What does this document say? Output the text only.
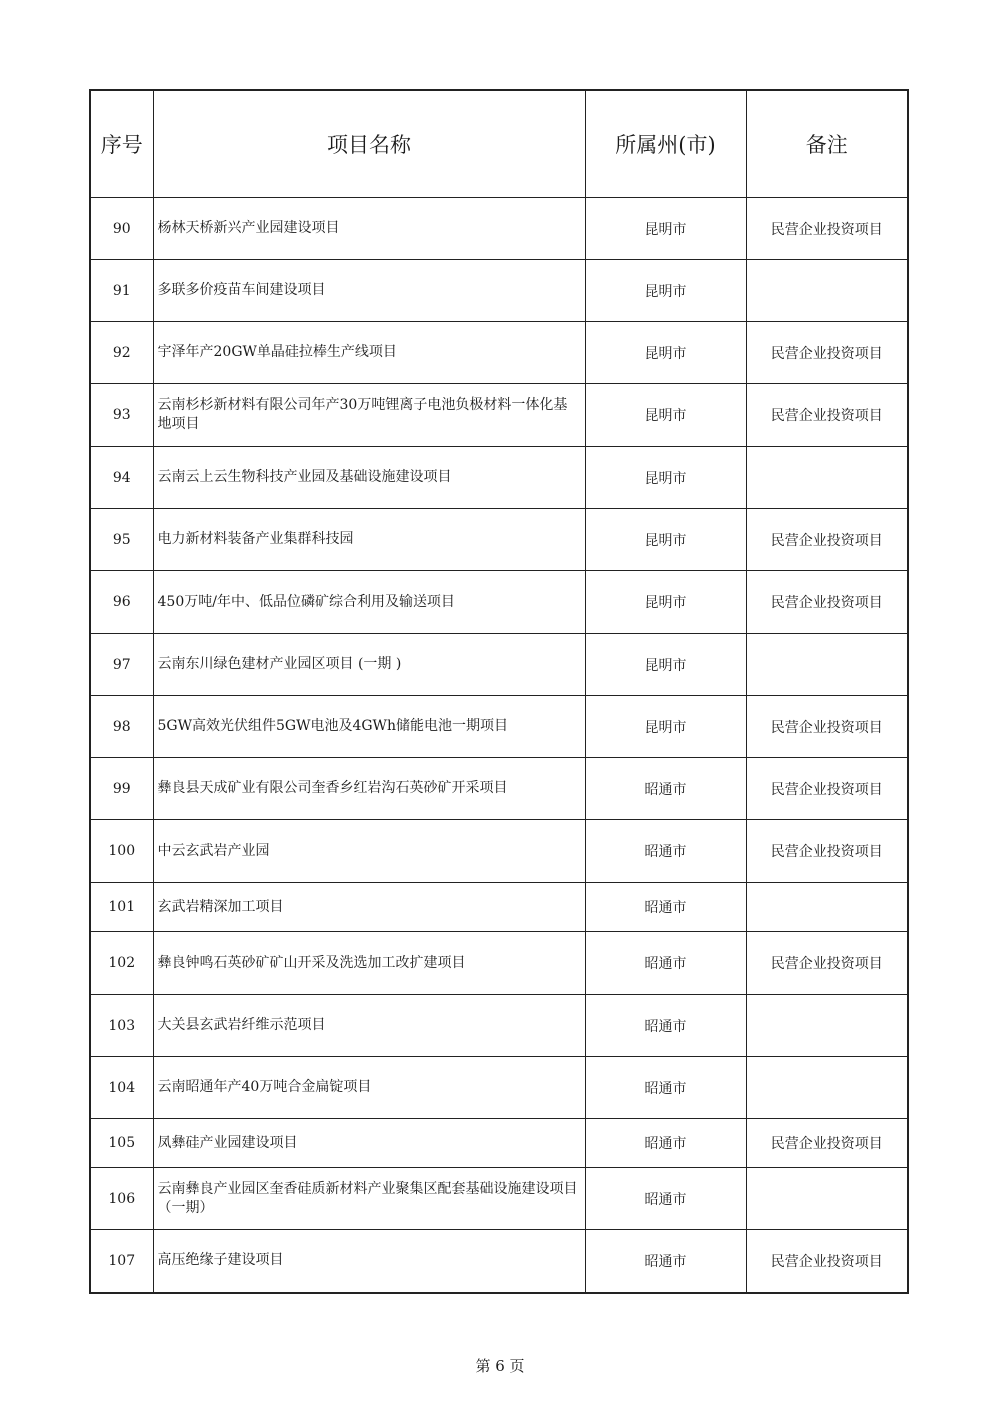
序号	项目名称	所属州(市)	备注
90	杨林天桥新兴产业园建设项目	昆明市	民营企业投资项目
91	多联多价疫苗车间建设项目	昆明市	
92	宇泽年产20GW单晶硅拉棒生产线项目	昆明市	民营企业投资项目
93	云南杉杉新材料有限公司年产30万吨锂离子电池负极材料一体化基地项目	昆明市	民营企业投资项目
94	云南云上云生物科技产业园及基础设施建设项目	昆明市	
95	电力新材料装备产业集群科技园	昆明市	民营企业投资项目
96	450万吨/年中、低品位磷矿综合利用及输送项目	昆明市	民营企业投资项目
97	云南东川绿色建材产业园区项目 (一期 )	昆明市	
98	5GW高效光伏组件5GW电池及4GWh储能电池一期项目	昆明市	民营企业投资项目
99	彝良县天成矿业有限公司奎香乡红岩沟石英砂矿开采项目	昭通市	民营企业投资项目
100	中云玄武岩产业园	昭通市	民营企业投资项目
101	玄武岩精深加工项目	昭通市	
102	彝良钟鸣石英砂矿矿山开采及洗选加工改扩建项目	昭通市	民营企业投资项目
103	大关县玄武岩纤维示范项目	昭通市	
104	云南昭通年产40万吨合金扁锭项目	昭通市	
105	凤彝硅产业园建设项目	昭通市	民营企业投资项目
106	云南彝良产业园区奎香硅质新材料产业聚集区配套基础设施建设项目（一期）	昭通市	
107	高压绝缘子建设项目	昭通市	民营企业投资项目
第 6 页
